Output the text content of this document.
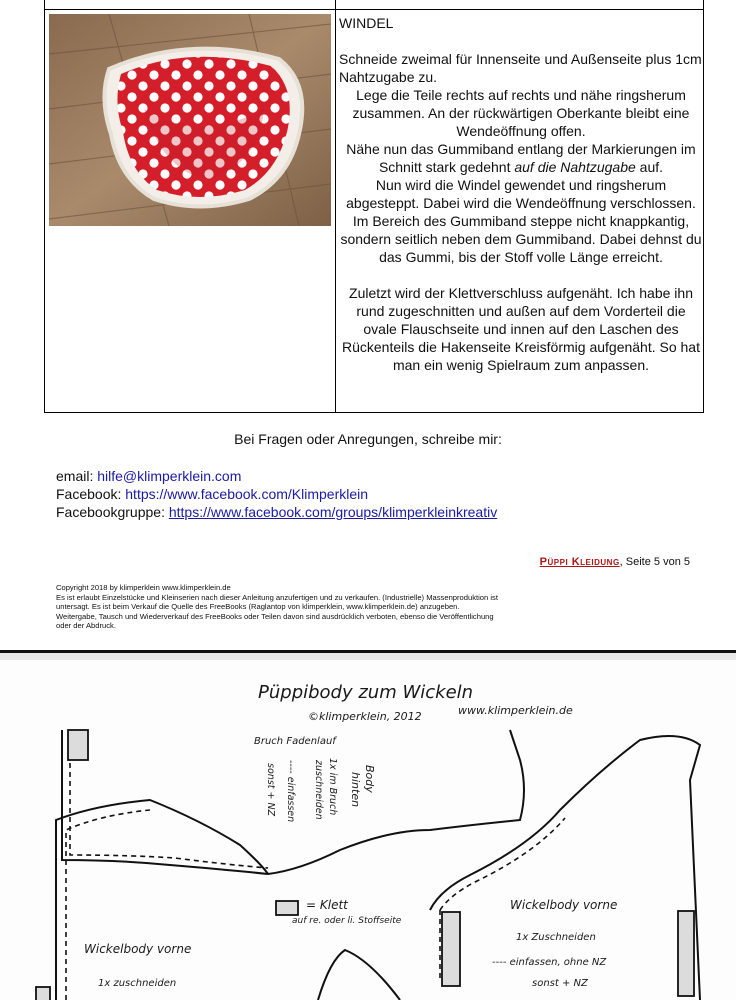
WINDEL
Schneide zweimal für Innenseite und Außenseite plus 1cm Nahtzugabe zu.
Lege die Teile rechts auf rechts und nähe ringsherum
zusammen. An der rückwärtigen Oberkante bleibt eine
Wendeöffnung offen.
Nähe nun das Gummiband entlang der Markierungen im Schnitt stark gedehnt auf die Nahtzugabe auf.
Nun wird die Windel gewendet und ringsherum abgesteppt. Dabei wird die Wendeöffnung verschlossen. Im Bereich des Gummiband steppe nicht knappkantig, sondern seitlich neben dem Gummiband. Dabei dehnst du das Gummi, bis der Stoff volle Länge erreicht.
Zuletzt wird der Klettverschluss aufgenäht. Ich habe ihn rund zugeschnitten und außen auf dem Vorderteil die ovale Flauschseite und innen auf den Laschen des Rückenteils die Hakenseite Kreisförmig aufgenäht. So hat man ein wenig Spielraum zum anpassen.
Bei Fragen oder Anregungen, schreibe mir:
email: hilfe@klimperklein.com
Facebook: https://www.facebook.com/Klimperklein
Facebookgruppe: https://www.facebook.com/groups/klimperkleinkreativ
Püppi Kleidung, Seite 5 von 5
Copyright 2018 by klimperklein www.klimperklein.de
Es ist erlaubt Einzelstücke und Kleinserien nach dieser Anleitung anzufertigen und zu verkaufen. (Industrielle) Massenproduktion ist
untersagt. Es ist beim Verkauf die Quelle des FreeBooks (Raglantop von klimperklein, www.klimperklein.de) anzugeben.
Weitergabe, Tausch und Wiederverkauf des FreeBooks oder Teilen davon sind ausdrücklich verboten, ebenso die Veröffentlichung
oder der Abdruck.
Püppibody zum Wickeln
©klimperklein, 2012	www.klimperklein.de
Bruch Fadenlauf
Body
hinten
1x im Bruch
zuschneiden
---- einfassen
sonst + NZ
= Klett
auf re. oder li. Stoffseite
Wickelbody vorne
1x Zuschneiden
---- einfassen, ohne NZ
sonst + NZ
Wickelbody vorne
1x zuschneiden
